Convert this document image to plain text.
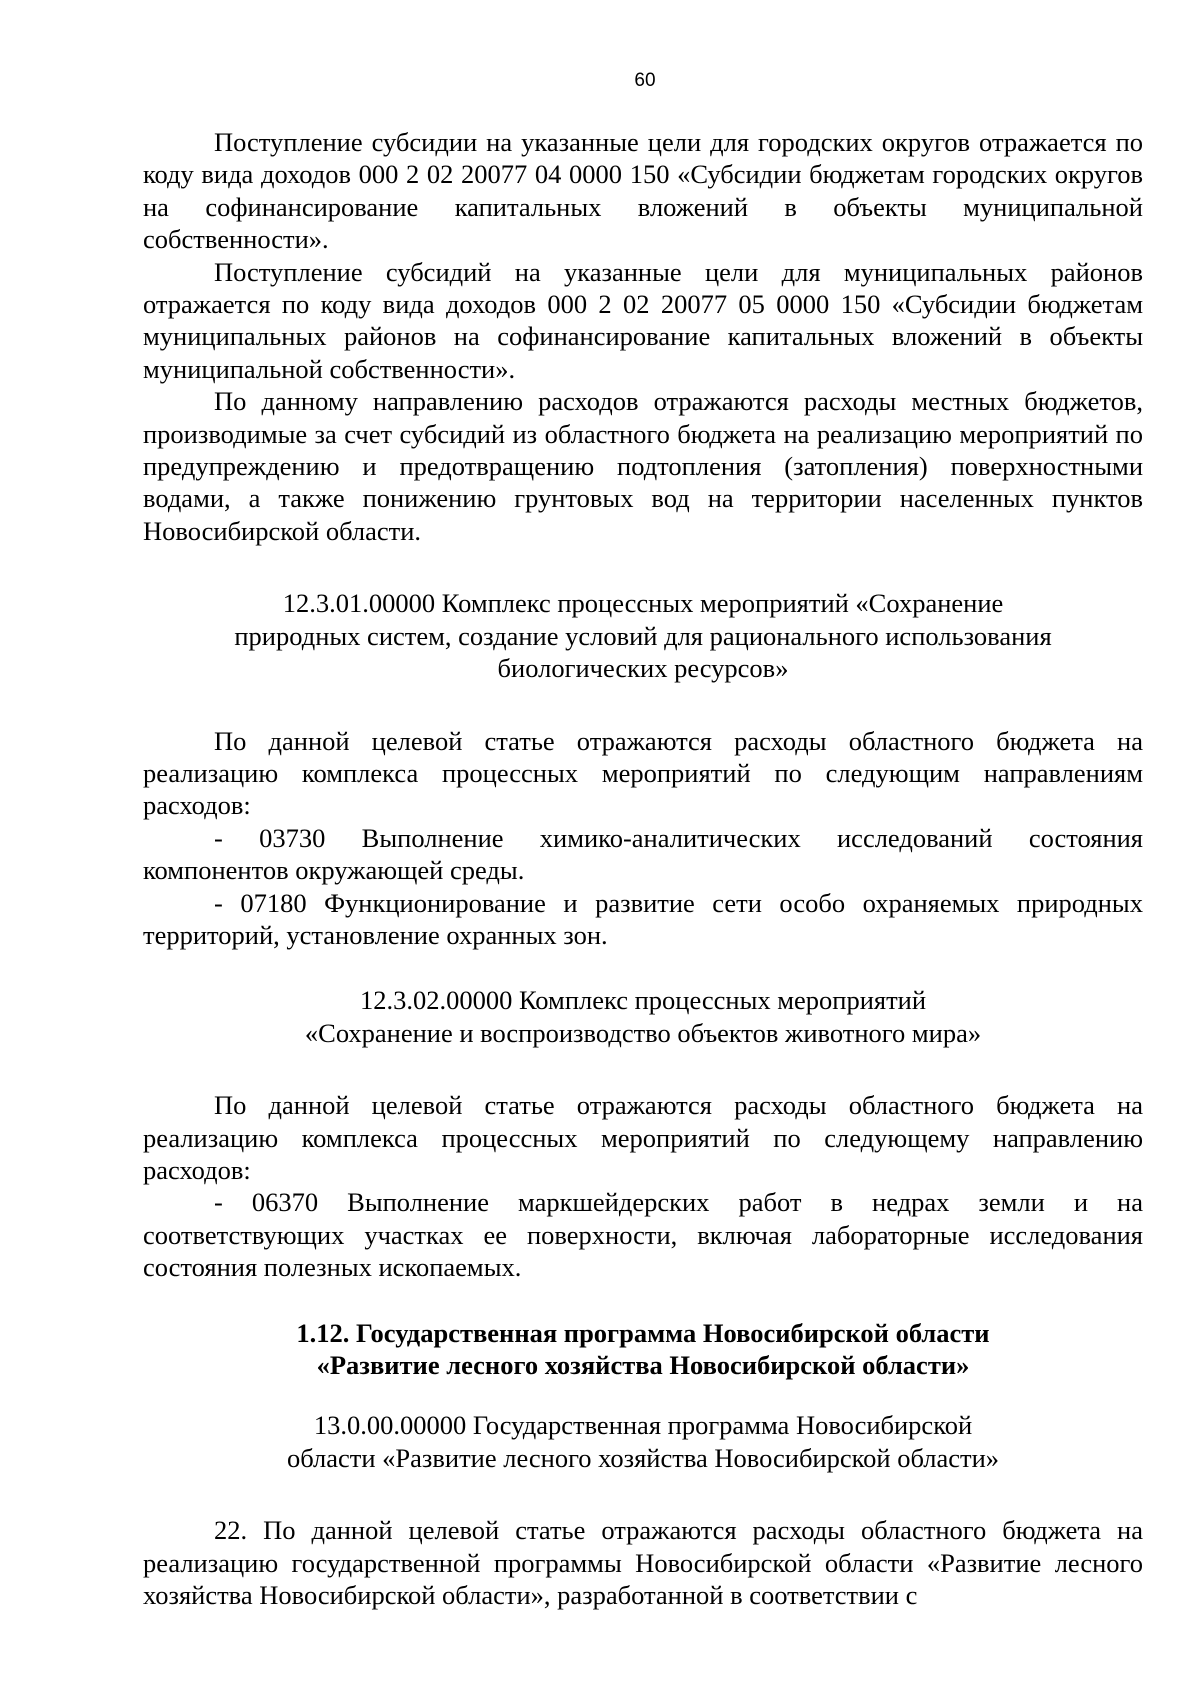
60

Поступление субсидии на указанные цели для городских округов отражается по коду вида доходов 000 2 02 20077 04 0000 150 «Субсидии бюджетам городских округов на софинансирование капитальных вложений в объекты муниципальной собственности».

Поступление субсидий на указанные цели для муниципальных районов отражается по коду вида доходов 000 2 02 20077 05 0000 150 «Субсидии бюджетам муниципальных районов на софинансирование капитальных вложений в объекты муниципальной собственности».

По данному направлению расходов отражаются расходы местных бюджетов, производимые за счет субсидий из областного бюджета на реализацию мероприятий по предупреждению и предотвращению подтопления (затопления) поверхностными водами, а также понижению грунтовых вод на территории населенных пунктов Новосибирской области.

12.3.01.00000 Комплекс процессных мероприятий «Сохранение
природных систем, создание условий для рационального использования
биологических ресурсов»

По данной целевой статье отражаются расходы областного бюджета на реализацию комплекса процессных мероприятий по следующим направлениям расходов:

- 03730 Выполнение химико-аналитических исследований состояния компонентов окружающей среды.

- 07180 Функционирование и развитие сети особо охраняемых природных территорий, установление охранных зон.

12.3.02.00000 Комплекс процессных мероприятий
«Сохранение и воспроизводство объектов животного мира»

По данной целевой статье отражаются расходы областного бюджета на реализацию комплекса процессных мероприятий по следующему направлению расходов:

- 06370 Выполнение маркшейдерских работ в недрах земли и на соответствующих участках ее поверхности, включая лабораторные исследования состояния полезных ископаемых.

1.12. Государственная программа Новосибирской области
«Развитие лесного хозяйства Новосибирской области»
13.0.00.00000 Государственная программа Новосибирской
области «Развитие лесного хозяйства Новосибирской области»

22. По данной целевой статье отражаются расходы областного бюджета на реализацию государственной программы Новосибирской области «Развитие лесного хозяйства Новосибирской области», разработанной в соответствии с
